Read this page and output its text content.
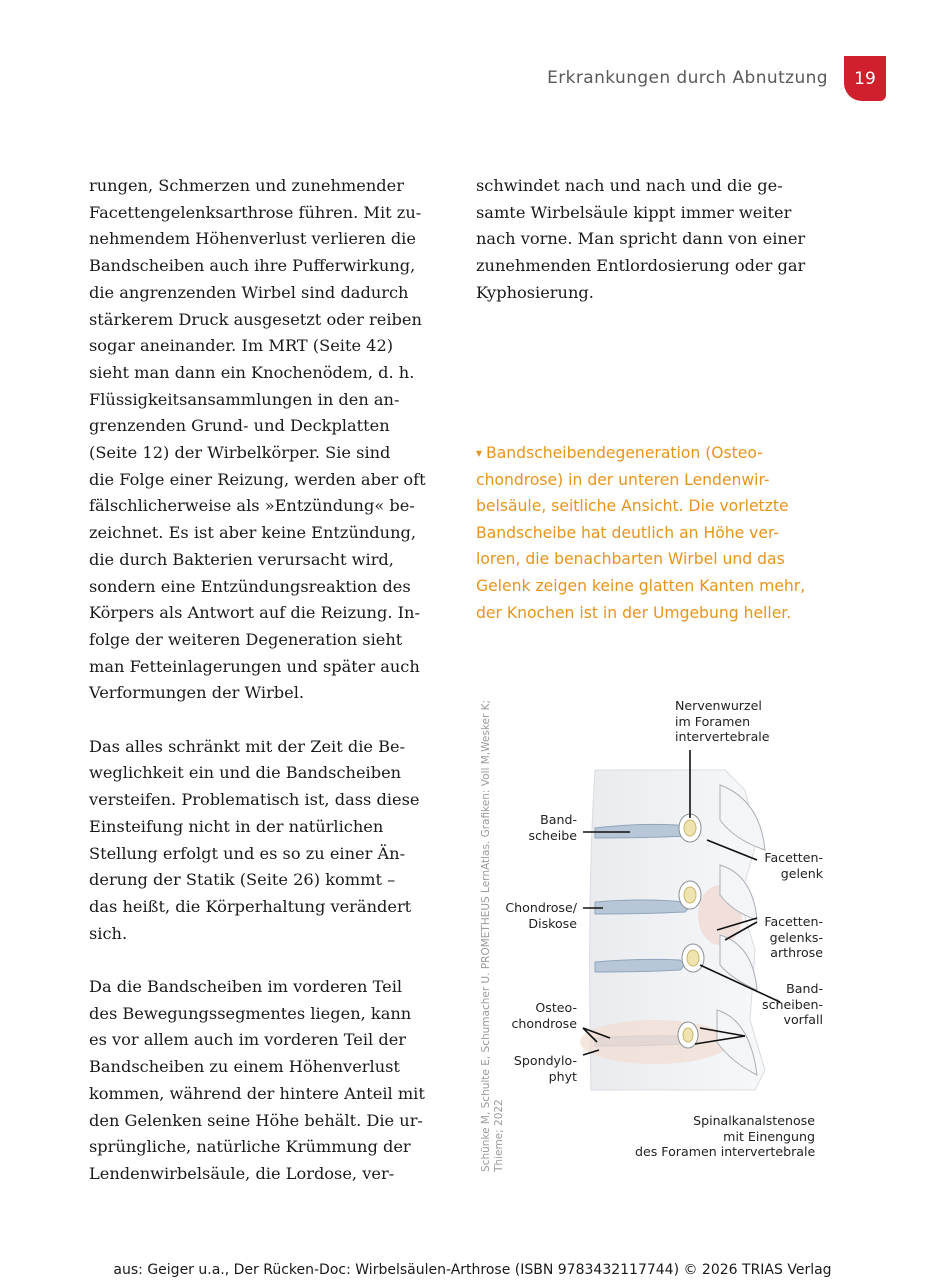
Erkrankungen durch Abnutzung 19

rungen, Schmerzen und zunehmender
Facettengelenksarthrose führen. Mit zu-
nehmendem Höhenverlust verlieren die
Bandscheiben auch ihre Pufferwirkung,
die angrenzenden Wirbel sind dadurch
stärkerem Druck ausgesetzt oder reiben
sogar aneinander. Im MRT (Seite 42)
sieht man dann ein Knochenödem, d. h.
Flüssigkeitsansammlungen in den an-
grenzenden Grund- und Deckplatten
(Seite 12) der Wirbelkörper. Sie sind
die Folge einer Reizung, werden aber oft
fälschlicherweise als »Entzündung« be-
zeichnet. Es ist aber keine Entzündung,
die durch Bakterien verursacht wird,
sondern eine Entzündungsreaktion des
Körpers als Antwort auf die Reizung. In-
folge der weiteren Degeneration sieht
man Fetteinlagerungen und später auch
Verformungen der Wirbel.

Das alles schränkt mit der Zeit die Be-
weglichkeit ein und die Bandscheiben
versteifen. Problematisch ist, dass diese
Einsteifung nicht in der natürlichen
Stellung erfolgt und es so zu einer Än-
derung der Statik (Seite 26) kommt –
das heißt, die Körperhaltung verändert
sich.

Da die Bandscheiben im vorderen Teil
des Bewegungssegmentes liegen, kann
es vor allem auch im vorderen Teil der
Bandscheiben zu einem Höhenverlust
kommen, während der hintere Anteil mit
den Gelenken seine Höhe behält. Die ur-
sprüngliche, natürliche Krümmung der
Lendenwirbelsäule, die Lordose, ver-

schwindet nach und nach und die ge-
samte Wirbelsäule kippt immer weiter
nach vorne. Man spricht dann von einer
zunehmenden Entlordosierung oder gar
Kyphosierung.

▾ Bandscheibendegeneration (Osteo-
chondrose) in der unteren Lendenwir-
belsäule, seitliche Ansicht. Die vorletzte
Bandscheibe hat deutlich an Höhe ver-
loren, die benachbarten Wirbel und das
Gelenk zeigen keine glatten Kanten mehr,
der Knochen ist in der Umgebung heller.
Schünke M, Schulte E, Schumacher U. PROMETHEUS LernAtlas. Grafiken: Voll M,Wesker K; Thieme; 2022
Nervenwurzel
im Foramen
intervertebrale
Band-
scheibe
Facetten-
gelenk
Chondrose/
Diskose	Facetten-
gelenks-
arthrose
Band-
scheiben-
vorfall
Osteo-
chondrose
Spondylo-
phyt
Spinalkanalstenose
mit Einengung
des Foramen intervertebrale
aus: Geiger u.a., Der Rücken-Doc: Wirbelsäulen-Arthrose (ISBN 9783432117744) © 2026 TRIAS Verlag
